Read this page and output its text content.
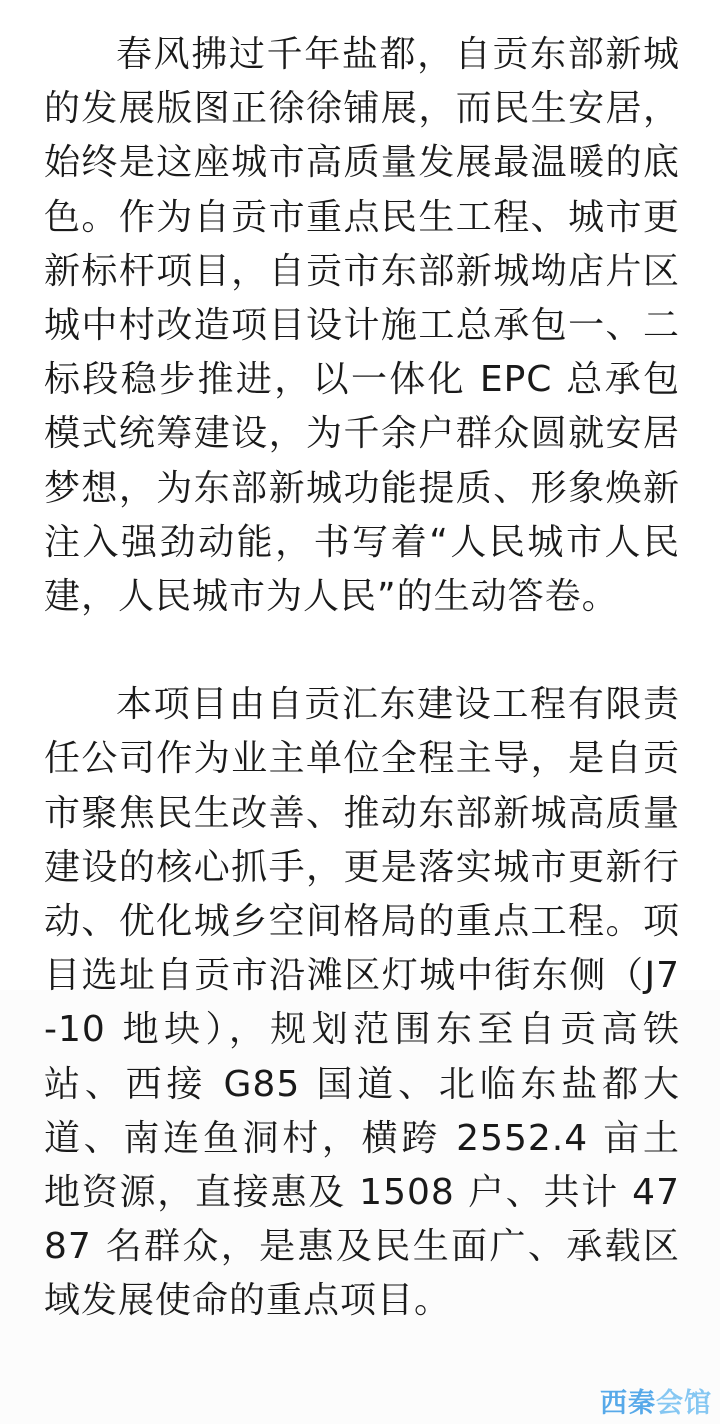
春风拂过千年盐都，自贡东部新城的发展版图正徐徐铺展，而民生安居，始终是这座城市高质量发展最温暖的底色。作为自贡市重点民生工程、城市更新标杆项目，自贡市东部新城坳店片区城中村改造项目设计施工总承包一、二标段稳步推进，以一体化 EPC 总承包模式统筹建设，为千余户群众圆就安居梦想，为东部新城功能提质、形象焕新注入强劲动能，书写着“人民城市人民建，人民城市为人民”的生动答卷。

本项目由自贡汇东建设工程有限责任公司作为业主单位全程主导，是自贡市聚焦民生改善、推动东部新城高质量建设的核心抓手，更是落实城市更新行动、优化城乡空间格局的重点工程。项目选址自贡市沿滩区灯城中街东侧（J7-10 地块），规划范围东至自贡高铁站、西接 G85 国道、北临东盐都大道、南连鱼洞村，横跨 2552.4 亩土地资源，直接惠及 1508 户、共计 4787 名群众，是惠及民生面广、承载区域发展使命的重点项目。

西秦会馆
